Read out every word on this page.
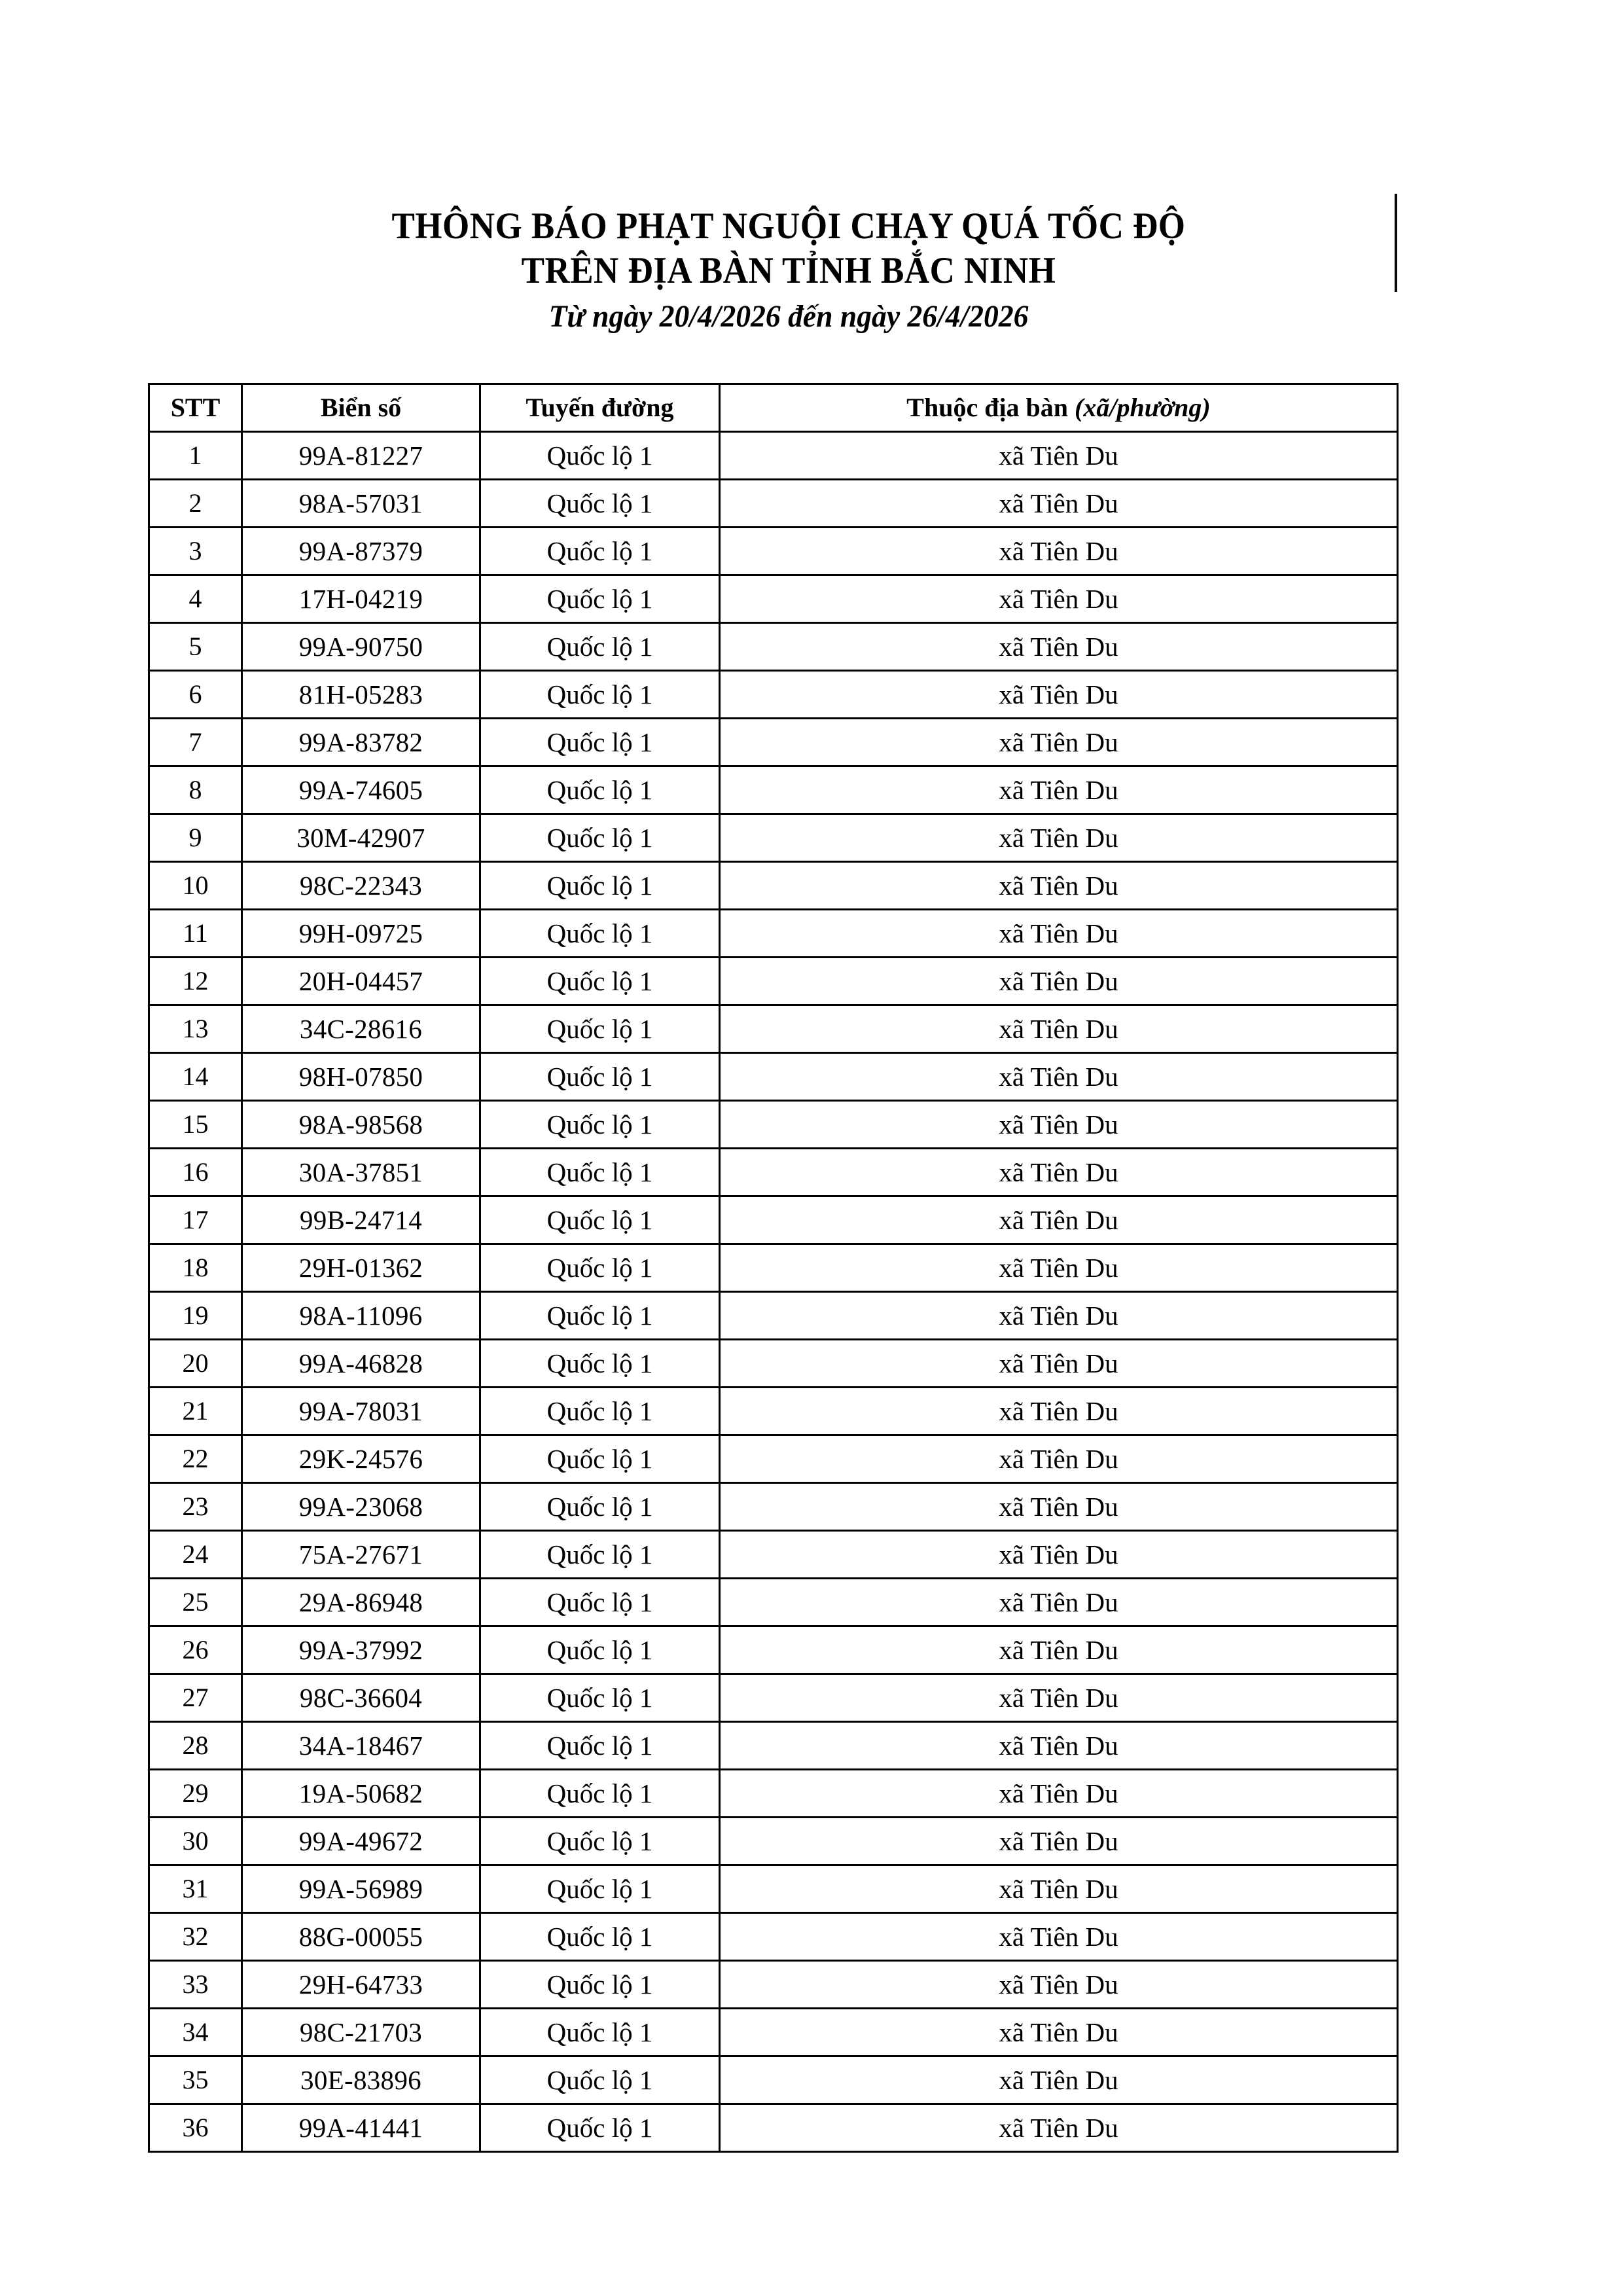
THÔNG BÁO PHẠT NGUỘI CHẠY QUÁ TỐC ĐỘ
TRÊN ĐỊA BÀN TỈNH BẮC NINH
Từ ngày 20/4/2026 đến ngày 26/4/2026
STT	Biển số	Tuyến đường	Thuộc địa bàn (xã/phường)
1	99A-81227	Quốc lộ 1	xã Tiên Du
2	98A-57031	Quốc lộ 1	xã Tiên Du
3	99A-87379	Quốc lộ 1	xã Tiên Du
4	17H-04219	Quốc lộ 1	xã Tiên Du
5	99A-90750	Quốc lộ 1	xã Tiên Du
6	81H-05283	Quốc lộ 1	xã Tiên Du
7	99A-83782	Quốc lộ 1	xã Tiên Du
8	99A-74605	Quốc lộ 1	xã Tiên Du
9	30M-42907	Quốc lộ 1	xã Tiên Du
10	98C-22343	Quốc lộ 1	xã Tiên Du
11	99H-09725	Quốc lộ 1	xã Tiên Du
12	20H-04457	Quốc lộ 1	xã Tiên Du
13	34C-28616	Quốc lộ 1	xã Tiên Du
14	98H-07850	Quốc lộ 1	xã Tiên Du
15	98A-98568	Quốc lộ 1	xã Tiên Du
16	30A-37851	Quốc lộ 1	xã Tiên Du
17	99B-24714	Quốc lộ 1	xã Tiên Du
18	29H-01362	Quốc lộ 1	xã Tiên Du
19	98A-11096	Quốc lộ 1	xã Tiên Du
20	99A-46828	Quốc lộ 1	xã Tiên Du
21	99A-78031	Quốc lộ 1	xã Tiên Du
22	29K-24576	Quốc lộ 1	xã Tiên Du
23	99A-23068	Quốc lộ 1	xã Tiên Du
24	75A-27671	Quốc lộ 1	xã Tiên Du
25	29A-86948	Quốc lộ 1	xã Tiên Du
26	99A-37992	Quốc lộ 1	xã Tiên Du
27	98C-36604	Quốc lộ 1	xã Tiên Du
28	34A-18467	Quốc lộ 1	xã Tiên Du
29	19A-50682	Quốc lộ 1	xã Tiên Du
30	99A-49672	Quốc lộ 1	xã Tiên Du
31	99A-56989	Quốc lộ 1	xã Tiên Du
32	88G-00055	Quốc lộ 1	xã Tiên Du
33	29H-64733	Quốc lộ 1	xã Tiên Du
34	98C-21703	Quốc lộ 1	xã Tiên Du
35	30E-83896	Quốc lộ 1	xã Tiên Du
36	99A-41441	Quốc lộ 1	xã Tiên Du
